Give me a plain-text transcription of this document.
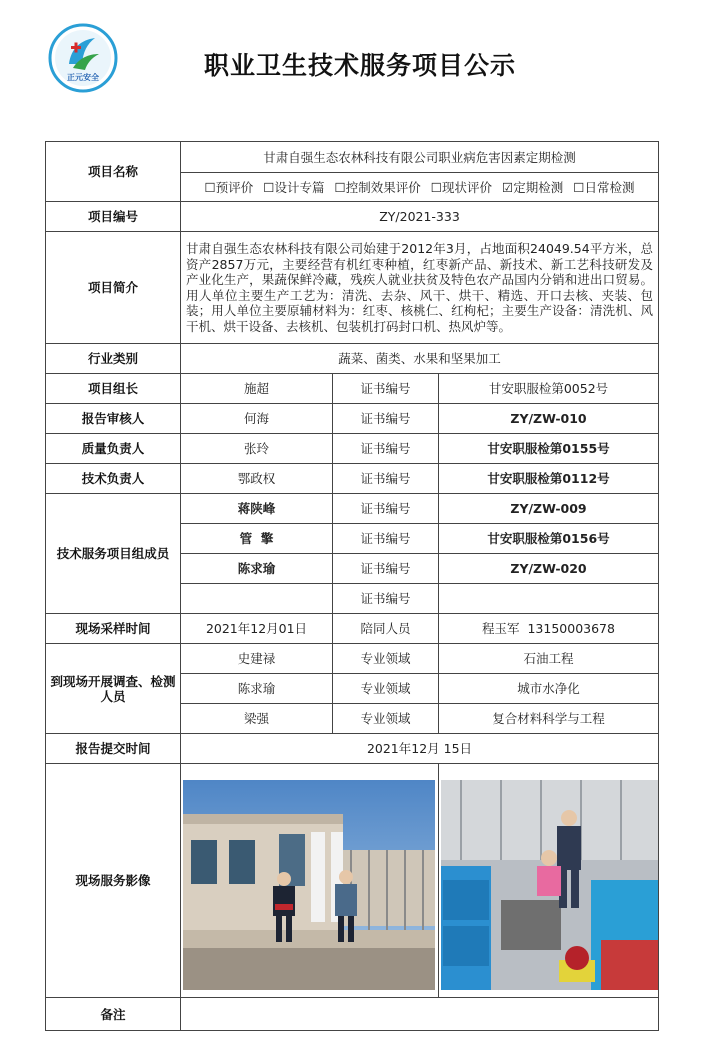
正元安全	职业卫生技术服务项目公示
项目名称	甘肃自强生态农林科技有限公司职业病危害因素定期检测		
	☐预评价 ☐设计专篇 ☐控制效果评价 ☐现状评价 ☑定期检测 ☐日常检测		
项目编号	ZY/2021-333		
项目简介	甘肃自强生态农林科技有限公司始建于2012年3月，占地面积24049.54平方米，总资产2857万元，主要经营有机红枣种植，红枣新产品、新技术、新工艺科技研发及产业化生产，果蔬保鲜冷藏，残疾人就业扶贫及特色农产品国内分销和进出口贸易。用人单位主要生产工艺为：清洗、去杂、风干、烘干、精选、开口去核、夹装、包装；用人单位主要原辅材料为：红枣、核桃仁、红枸杞；主要生产设备：清洗机、风干机、烘干设备、去核机、包装机打码封口机、热风炉等。		
行业类别	蔬菜、菌类、水果和坚果加工		
项目组长	施超	证书编号	甘安职服检第0052号
报告审核人	何海	证书编号	ZY/ZW-010
质量负责人	张玲	证书编号	甘安职服检第0155号
技术负责人	鄂政权	证书编号	甘安职服检第0112号
技术服务项目组成员	蒋陕峰	证书编号	ZY/ZW-009
	管  擎	证书编号	甘安职服检第0156号
	陈求瑜	证书编号	ZY/ZW-020
		证书编号	
现场采样时间	2021年12月01日	陪同人员	程玉军  13150003678
到现场开展调查、检测人员	史建禄	专业领域	石油工程
	陈求瑜	专业领域	城市水净化
	梁强	专业领域	复合材料科学与工程
报告提交时间	2021年12月 15日		
现场服务影像	

备注			
